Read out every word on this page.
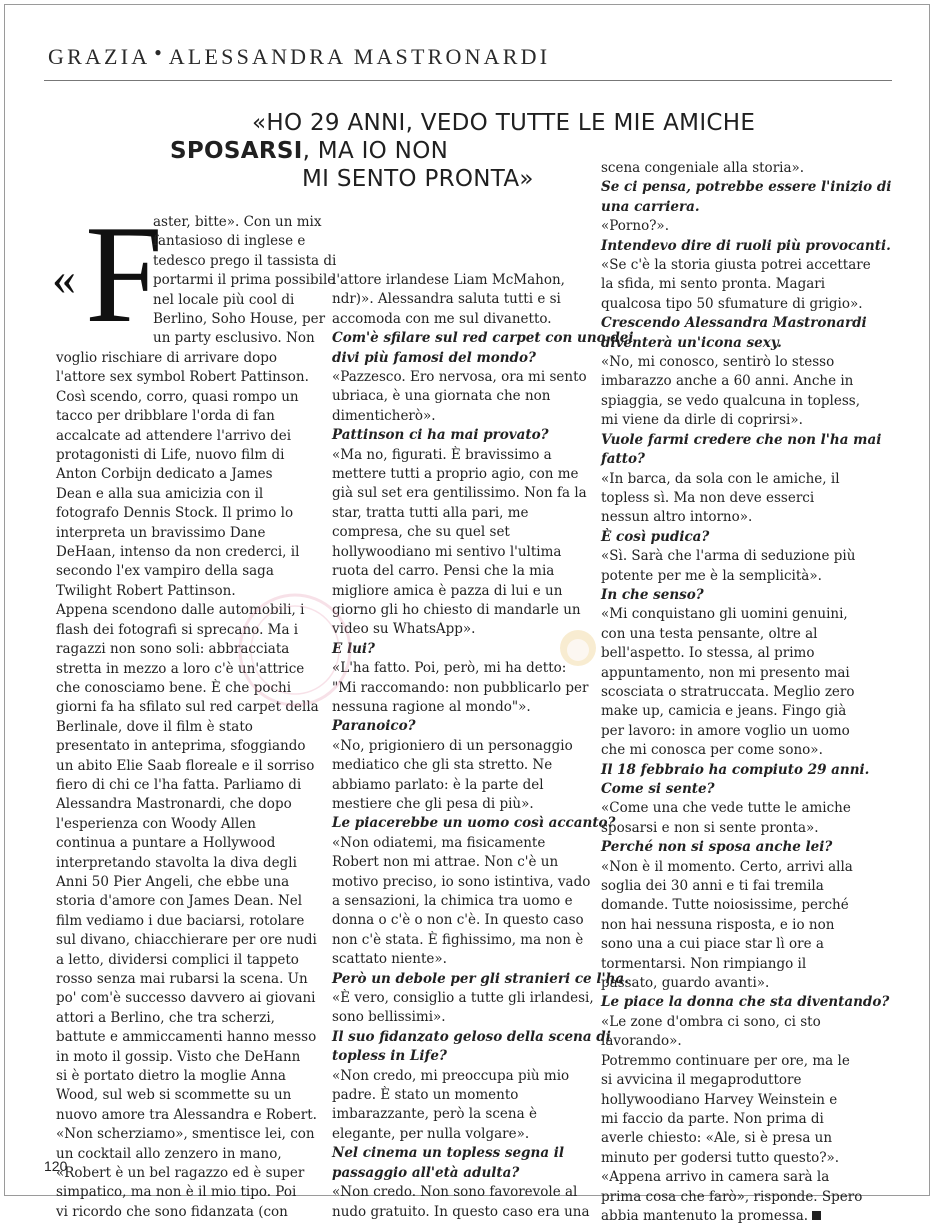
GRAZIA ● ALESSANDRA MASTRONARDI
«HO 29 ANNI, VEDO TUTTE LE MIE AMICHE
SPOSARSI, MA IO NON
MI SENTO PRONTA»
« F
aster, bitte». Con un mix
fantasioso di inglese e
tedesco prego il tassista di
portarmi il prima possibile
nel locale più cool di
Berlino, Soho House, per
un party esclusivo. Non
voglio rischiare di arrivare dopo
l'attore sex symbol Robert Pattinson.
Così scendo, corro, quasi rompo un
tacco per dribblare l'orda di fan
accalcate ad attendere l'arrivo dei
protagonisti di Life, nuovo film di
Anton Corbijn dedicato a James
Dean e alla sua amicizia con il
fotografo Dennis Stock. Il primo lo
interpreta un bravissimo Dane
DeHaan, intenso da non crederci, il
secondo l'ex vampiro della saga
Twilight Robert Pattinson.
Appena scendono dalle automobili, i
flash dei fotografi si sprecano. Ma i
ragazzi non sono soli: abbracciata
stretta in mezzo a loro c'è un'attrice
che conosciamo bene. È che pochi
giorni fa ha sfilato sul red carpet della
Berlinale, dove il film è stato
presentato in anteprima, sfoggiando
un abito Elie Saab floreale e il sorriso
fiero di chi ce l'ha fatta. Parliamo di
Alessandra Mastronardi, che dopo
l'esperienza con Woody Allen
continua a puntare a Hollywood
interpretando stavolta la diva degli
Anni 50 Pier Angeli, che ebbe una
storia d'amore con James Dean. Nel
film vediamo i due baciarsi, rotolare
sul divano, chiacchierare per ore nudi
a letto, dividersi complici il tappeto
rosso senza mai rubarsi la scena. Un
po' com'è successo davvero ai giovani
attori a Berlino, che tra scherzi,
battute e ammiccamenti hanno messo
in moto il gossip. Visto che DeHann
si è portato dietro la moglie Anna
Wood, sul web si scommette su un
nuovo amore tra Alessandra e Robert.
«Non scherziamo», smentisce lei, con
un cocktail allo zenzero in mano,
«Robert è un bel ragazzo ed è super
simpatico, ma non è il mio tipo. Poi
vi ricordo che sono fidanzata (con
l'attore irlandese Liam McMahon,
ndr)». Alessandra saluta tutti e si
accomoda con me sul divanetto.
Com'è sfilare sul red carpet con uno dei
divi più famosi del mondo?
«Pazzesco. Ero nervosa, ora mi sento
ubriaca, è una giornata che non
dimenticherò».
Pattinson ci ha mai provato?
«Ma no, figurati. È bravissimo a
mettere tutti a proprio agio, con me
già sul set era gentilissimo. Non fa la
star, tratta tutti alla pari, me
compresa, che su quel set
hollywoodiano mi sentivo l'ultima
ruota del carro. Pensi che la mia
migliore amica è pazza di lui e un
giorno gli ho chiesto di mandarle un
video su WhatsApp».
E lui?
«L'ha fatto. Poi, però, mi ha detto:
"Mi raccomando: non pubblicarlo per
nessuna ragione al mondo"».
Paranoico?
«No, prigioniero di un personaggio
mediatico che gli sta stretto. Ne
abbiamo parlato: è la parte del
mestiere che gli pesa di più».
Le piacerebbe un uomo così accanto?
«Non odiatemi, ma fisicamente
Robert non mi attrae. Non c'è un
motivo preciso, io sono istintiva, vado
a sensazioni, la chimica tra uomo e
donna o c'è o non c'è. In questo caso
non c'è stata. È fighissimo, ma non è
scattato niente».
Però un debole per gli stranieri ce l'ha.
«È vero, consiglio a tutte gli irlandesi,
sono bellissimi».
Il suo fidanzato geloso della scena di
topless in Life?
«Non credo, mi preoccupa più mio
padre. È stato un momento
imbarazzante, però la scena è
elegante, per nulla volgare».
Nel cinema un topless segna il
passaggio all'età adulta?
«Non credo. Non sono favorevole al
nudo gratuito. In questo caso era una
scena congeniale alla storia».
Se ci pensa, potrebbe essere l'inizio di
una carriera.
«Porno?».
Intendevo dire di ruoli più provocanti.
«Se c'è la storia giusta potrei accettare
la sfida, mi sento pronta. Magari
qualcosa tipo 50 sfumature di grigio».
Crescendo Alessandra Mastronardi
diventerà un'icona sexy.
«No, mi conosco, sentirò lo stesso
imbarazzo anche a 60 anni. Anche in
spiaggia, se vedo qualcuna in topless,
mi viene da dirle di coprirsi».
Vuole farmi credere che non l'ha mai
fatto?
«In barca, da sola con le amiche, il
topless sì. Ma non deve esserci
nessun altro intorno».
È così pudica?
«Sì. Sarà che l'arma di seduzione più
potente per me è la semplicità».
In che senso?
«Mi conquistano gli uomini genuini,
con una testa pensante, oltre al
bell'aspetto. Io stessa, al primo
appuntamento, non mi presento mai
scosciata o stratruccata. Meglio zero
make up, camicia e jeans. Fingo già
per lavoro: in amore voglio un uomo
che mi conosca per come sono».
Il 18 febbraio ha compiuto 29 anni.
Come si sente?
«Come una che vede tutte le amiche
sposarsi e non si sente pronta».
Perché non si sposa anche lei?
«Non è il momento. Certo, arrivi alla
soglia dei 30 anni e ti fai tremila
domande. Tutte noiosissime, perché
non hai nessuna risposta, e io non
sono una a cui piace star lì ore a
tormentarsi. Non rimpiango il
passato, guardo avanti».
Le piace la donna che sta diventando?
«Le zone d'ombra ci sono, ci sto
lavorando».
Potremmo continuare per ore, ma le
si avvicina il megaproduttore
hollywoodiano Harvey Weinstein e
mi faccio da parte. Non prima di
averle chiesto: «Ale, si è presa un
minuto per godersi tutto questo?».
«Appena arrivo in camera sarà la
prima cosa che farò», risponde. Spero
abbia mantenuto la promessa.
120
